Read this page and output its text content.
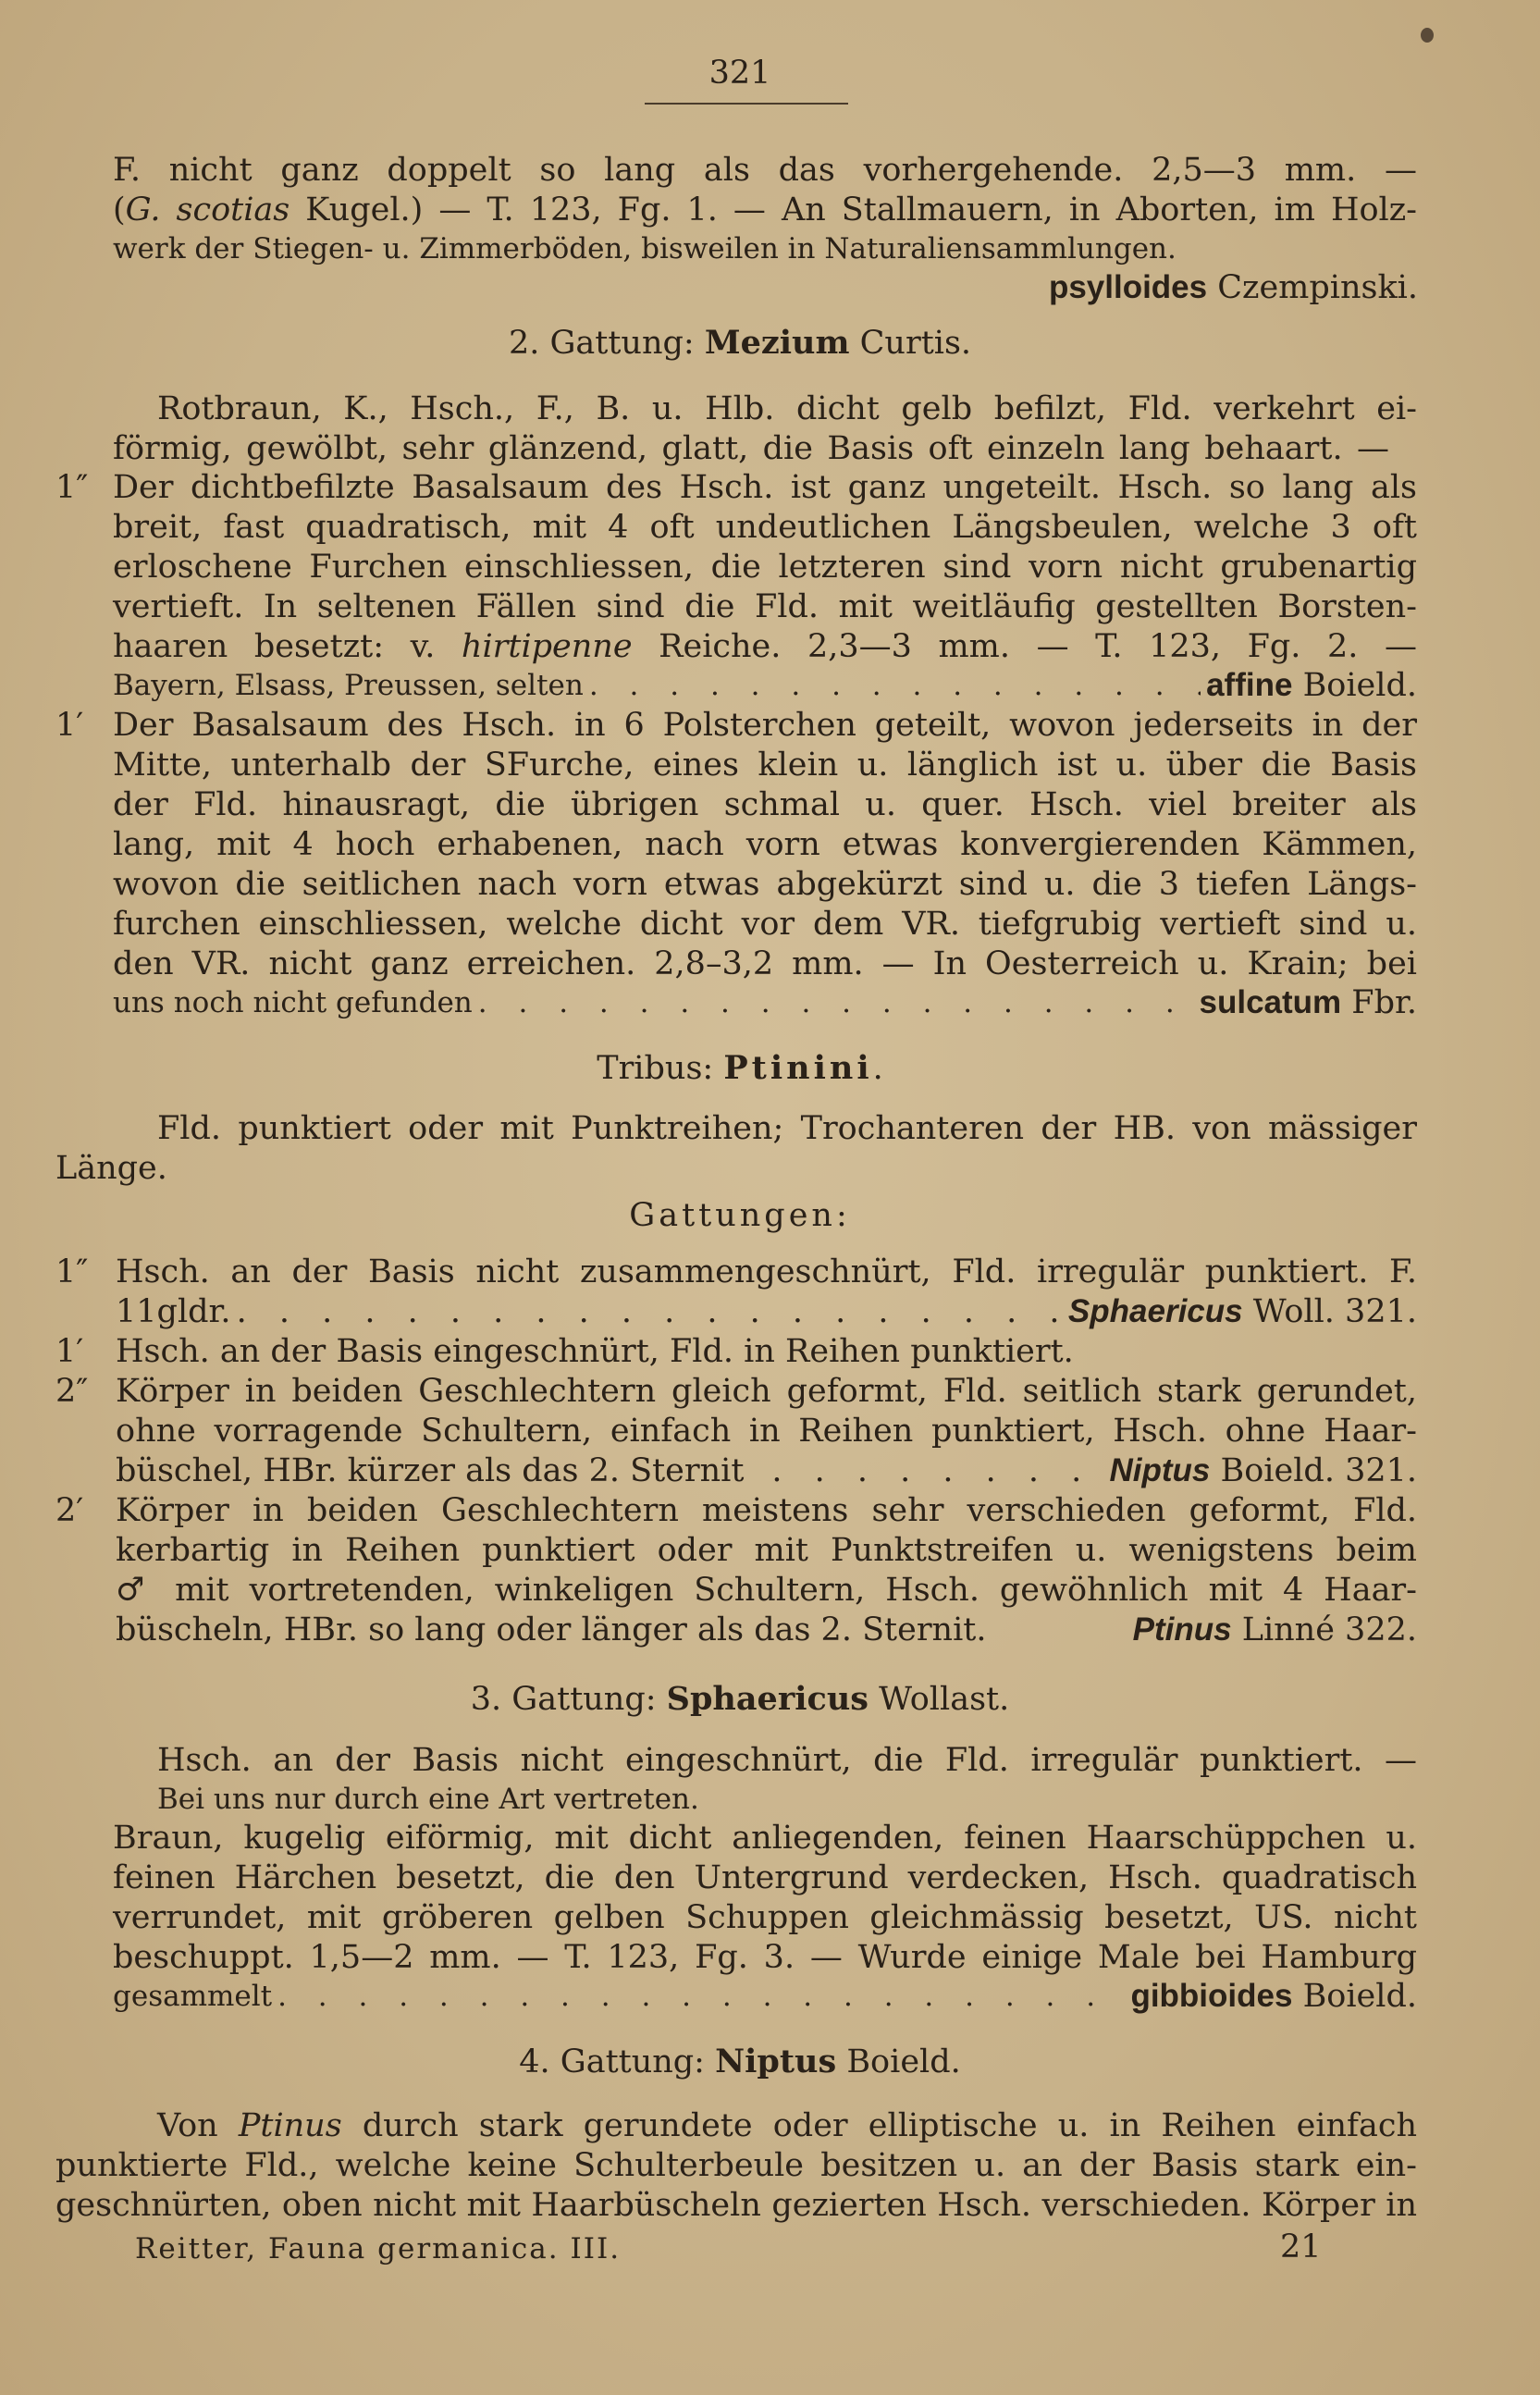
321
F. nicht ganz doppelt so lang als das vorhergehende. 2,5—3 mm. —
(G. scotias Kugel.) — T. 123, Fg. 1. — An Stallmauern, in Aborten, im Holz-
werk der Stiegen- u. Zimmerböden, bisweilen in Naturaliensammlungen.
psylloides Czempinski.
2. Gattung: Mezium Curtis.
Rotbraun, K., Hsch., F., B. u. Hlb. dicht gelb befilzt, Fld. verkehrt ei-
förmig, gewölbt, sehr glänzend, glatt, die Basis oft einzeln lang behaart. —
1″ Der dichtbefilzte Basalsaum des Hsch. ist ganz ungeteilt. Hsch. so lang als
breit, fast quadratisch, mit 4 oft undeutlichen Längsbeulen, welche 3 oft
erloschene Furchen einschliessen, die letzteren sind vorn nicht grubenartig
vertieft. In seltenen Fällen sind die Fld. mit weitläufig gestellten Borsten-
haaren besetzt: v. hirtipenne Reiche. 2,3—3 mm. — T. 123, Fg. 2. —
Bayern, Elsass, Preussen, selten . . .	affine Boield.
1′ Der Basalsaum des Hsch. in 6 Polsterchen geteilt, wovon jederseits in der
Mitte, unterhalb der SFurche, eines klein u. länglich ist u. über die Basis
der Fld. hinausragt, die übrigen schmal u. quer. Hsch. viel breiter als
lang, mit 4 hoch erhabenen, nach vorn etwas konvergierenden Kämmen,
wovon die seitlichen nach vorn etwas abgekürzt sind u. die 3 tiefen Längs-
furchen einschliessen, welche dicht vor dem VR. tiefgrubig vertieft sind u.
den VR. nicht ganz erreichen. 2,8–3,2 mm. — In Oesterreich u. Krain; bei
uns noch nicht gefunden . . .	sulcatum Fbr.
Tribus: Ptinini.
Fld. punktiert oder mit Punktreihen; Trochanteren der HB. von mässiger
Länge.
Gattungen:
1″ Hsch. an der Basis nicht zusammengeschnürt, Fld. irregulär punktiert. F.
11gldr. . . .	Sphaericus Woll. 321.
1′ Hsch. an der Basis eingeschnürt, Fld. in Reihen punktiert.
2″ Körper in beiden Geschlechtern gleich geformt, Fld. seitlich stark gerundet,
ohne vorragende Schultern, einfach in Reihen punktiert, Hsch. ohne Haar-
büschel, HBr. kürzer als das 2. Sternit . . .	Niptus Boield. 321.
2′ Körper in beiden Geschlechtern meistens sehr verschieden geformt, Fld.
kerbartig in Reihen punktiert oder mit Punktstreifen u. wenigstens beim
♂ mit vortretenden, winkeligen Schultern, Hsch. gewöhnlich mit 4 Haar-
büscheln, HBr. so lang oder länger als das 2. Sternit.	Ptinus Linné 322.
3. Gattung: Sphaericus Wollast.
Hsch. an der Basis nicht eingeschnürt, die Fld. irregulär punktiert. —
Bei uns nur durch eine Art vertreten.
Braun, kugelig eiförmig, mit dicht anliegenden, feinen Haarschüppchen u.
feinen Härchen besetzt, die den Untergrund verdecken, Hsch. quadratisch
verrundet, mit gröberen gelben Schuppen gleichmässig besetzt, US. nicht
beschuppt. 1,5—2 mm. — T. 123, Fg. 3. — Wurde einige Male bei Hamburg
gesammelt . . .	gibbioides Boield.
4. Gattung: Niptus Boield.
Von Ptinus durch stark gerundete oder elliptische u. in Reihen einfach
punktierte Fld., welche keine Schulterbeule besitzen u. an der Basis stark ein-
geschnürten, oben nicht mit Haarbüscheln gezierten Hsch. verschieden. Körper in
Reitter, Fauna germanica. III.	21
